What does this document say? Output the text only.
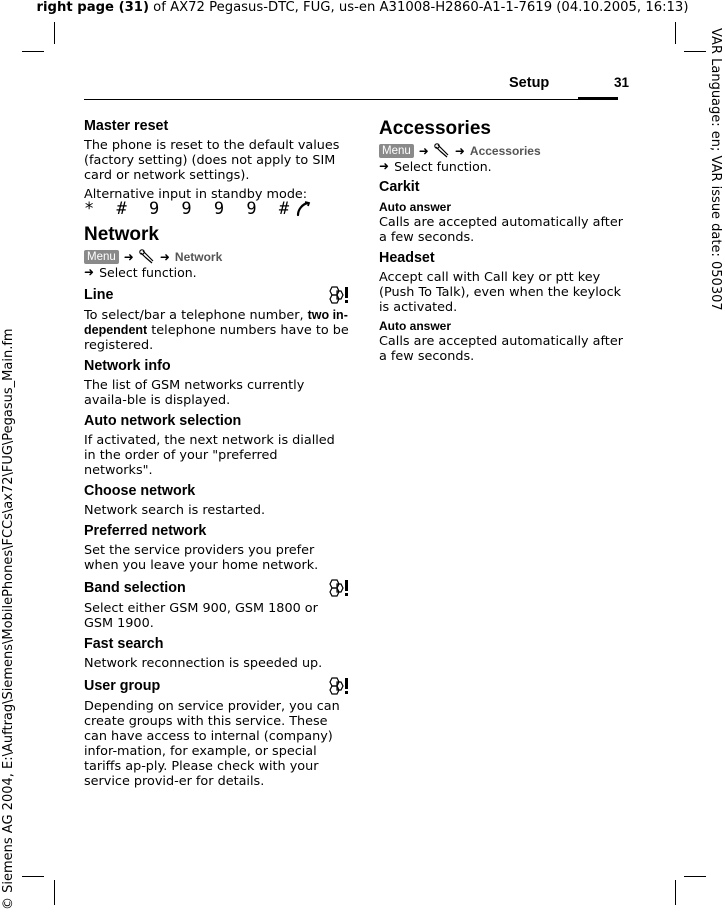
right page (31) of AX72 Pegasus-DTC, FUG, us-en A31008-H2860-A1-1-7619 (04.10.2005, 16:13)
© Siemens AG 2004, E:\Auftrag\Siemens\MobilePhones\FCCs\ax72\FUG\Pegasus_Main.fm
VAR Language: en; VAR issue date: 050307
Setup	31
Master reset
The phone is reset to the default values (factory setting) (does not apply to SIM card or network settings).
Alternative input in standby mode:
* # 9 9 9 9 #
Network
Menu ➜ ➜ Network
➜ Select function.
Line
To select/bar a telephone number, two in-dependent telephone numbers have to be registered.
Network info
The list of GSM networks currently availa-ble is displayed.
Auto network selection
If activated, the next network is dialled in the order of your "preferred networks".
Choose network
Network search is restarted.
Preferred network
Set the service providers you prefer when you leave your home network.
Band selection
Select either GSM 900, GSM 1800 or GSM 1900.
Fast search
Network reconnection is speeded up.
User group
Depending on service provider, you can create groups with this service. These can have access to internal (company) infor-mation, for example, or special tariffs ap-ply. Please check with your service provid-er for details.
Accessories
Menu ➜ ➜ Accessories
➜ Select function.
Carkit
Auto answer
Calls are accepted automatically after a few seconds.
Headset
Accept call with Call key or ptt key (Push To Talk), even when the keylock is activated.
Auto answer
Calls are accepted automatically after a few seconds.
